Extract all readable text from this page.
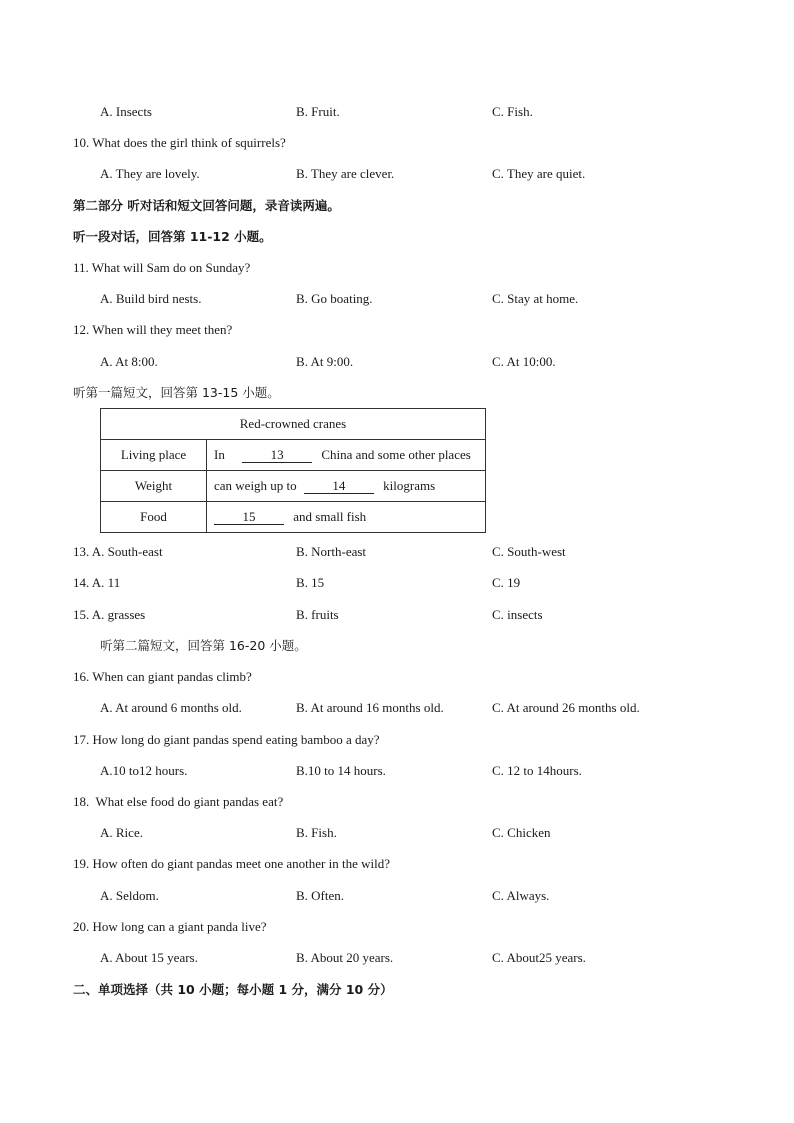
A. Insects	B. Fruit.	C. Fish.
10. What does the girl think of squirrels?
A. They are lovely.	B. They are clever.	C. They are quiet.
第二部分 听对话和短文回答问题，录音读两遍。
听一段对话，回答第 11-12 小题。
11. What will Sam do on Sunday?
A. Build bird nests.	B. Go boating.	C. Stay at home.
12. When will they meet then?
A. At 8:00.	B. At 9:00.	C. At 10:00.
听第一篇短文，回答第 13-15 小题。
Red-crowned cranes	
Living place	In 13 China and some other places
Weight	can weigh up to 14 kilograms
Food	15 and small fish
13. A. South-east	B. North-east	C. South-west
14. A. 11	B. 15	C. 19
15. A. grasses	B. fruits	C. insects
听第二篇短文，回答第 16-20 小题。
16. When can giant pandas climb?
A. At around 6 months old.	B. At around 16 months old.	C. At around 26 months old.
17. How long do giant pandas spend eating bamboo a day?
A.10 to12 hours.	B.10 to 14 hours.	C. 12 to 14hours.
18.  What else food do giant pandas eat?
A. Rice.	B. Fish.	C. Chicken
19. How often do giant pandas meet one another in the wild?
A. Seldom.	B. Often.	C. Always.
20. How long can a giant panda live?
A. About 15 years.	B. About 20 years.	C. About25 years.
二、单项选择（共 10 小题；每小题 1 分，满分 10 分）
